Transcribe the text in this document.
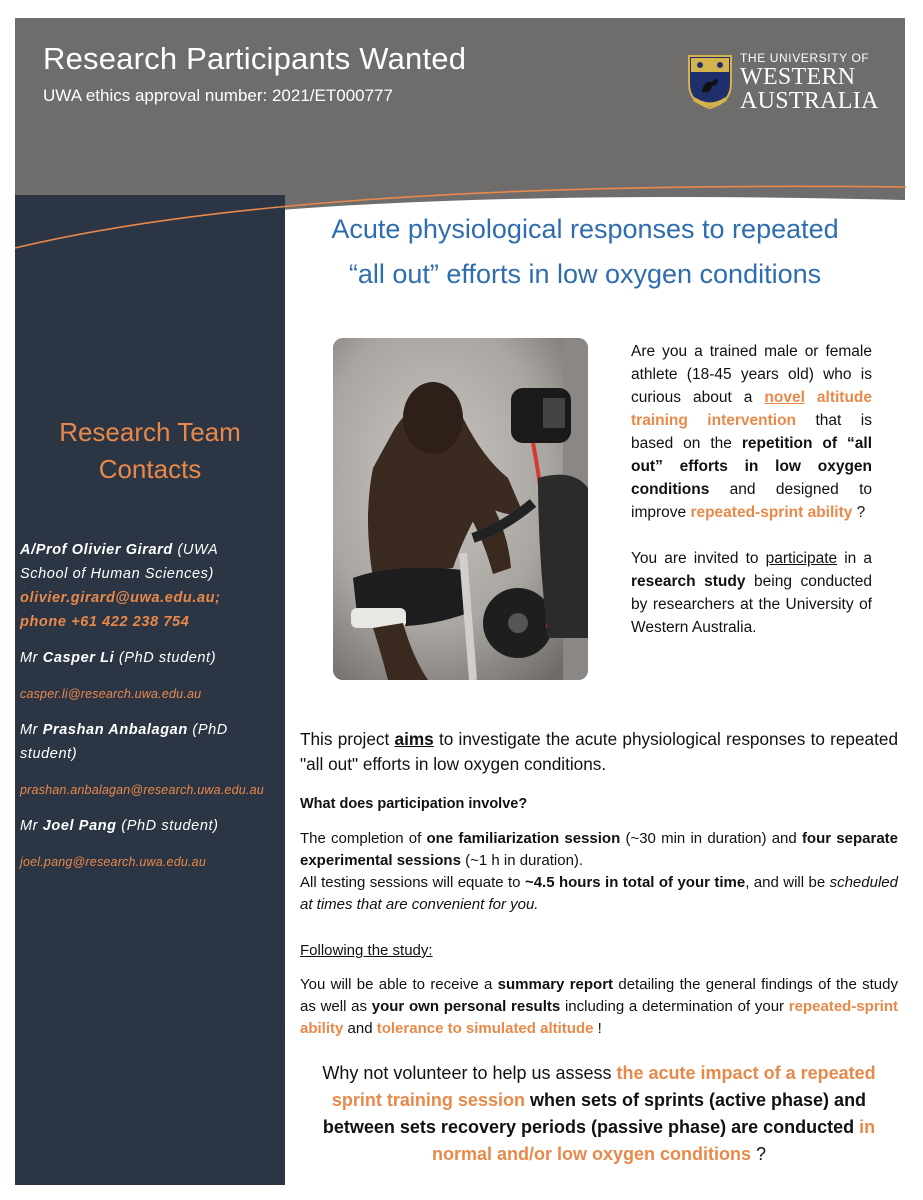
Research Participants Wanted
UWA ethics approval number: 2021/ET000777
THE UNIVERSITY OF
WESTERN
AUSTRALIA
Acute physiological responses to repeated
“all out” efforts in low oxygen conditions
Research Team
Contacts
A/Prof Olivier Girard (UWA
School of Human Sciences)
olivier.girard@uwa.edu.au;
phone +61 422 238 754
Mr Casper Li (PhD student)
casper.li@research.uwa.edu.au
Mr Prashan Anbalagan (PhD
student)
prashan.anbalagan@research.uwa.edu.au
Mr Joel Pang (PhD student)
joel.pang@research.uwa.edu.au

Are you a trained male or female athlete (18-45 years old) who is curious about a novel altitude training intervention that is based on the repetition of “all out” efforts in low oxygen conditions and designed to improve repeated-sprint ability ?

You are invited to participate in a research study being conducted by researchers at the University of Western Australia.

This project aims to investigate the acute physiological responses to repeated "all out" efforts in low oxygen conditions.
What does participation involve?
The completion of one familiarization session (~30 min in duration) and four separate experimental sessions (~1 h in duration).
All testing sessions will equate to ~4.5 hours in total of your time, and will be scheduled at times that are convenient for you.
Following the study:
You will be able to receive a summary report detailing the general findings of the study as well as your own personal results including a determination of your repeated-sprint ability and tolerance to simulated altitude !
Why not volunteer to help us assess the acute impact of a repeated sprint training session when sets of sprints (active phase) and between sets recovery periods (passive phase) are conducted in normal and/or low oxygen conditions ?
